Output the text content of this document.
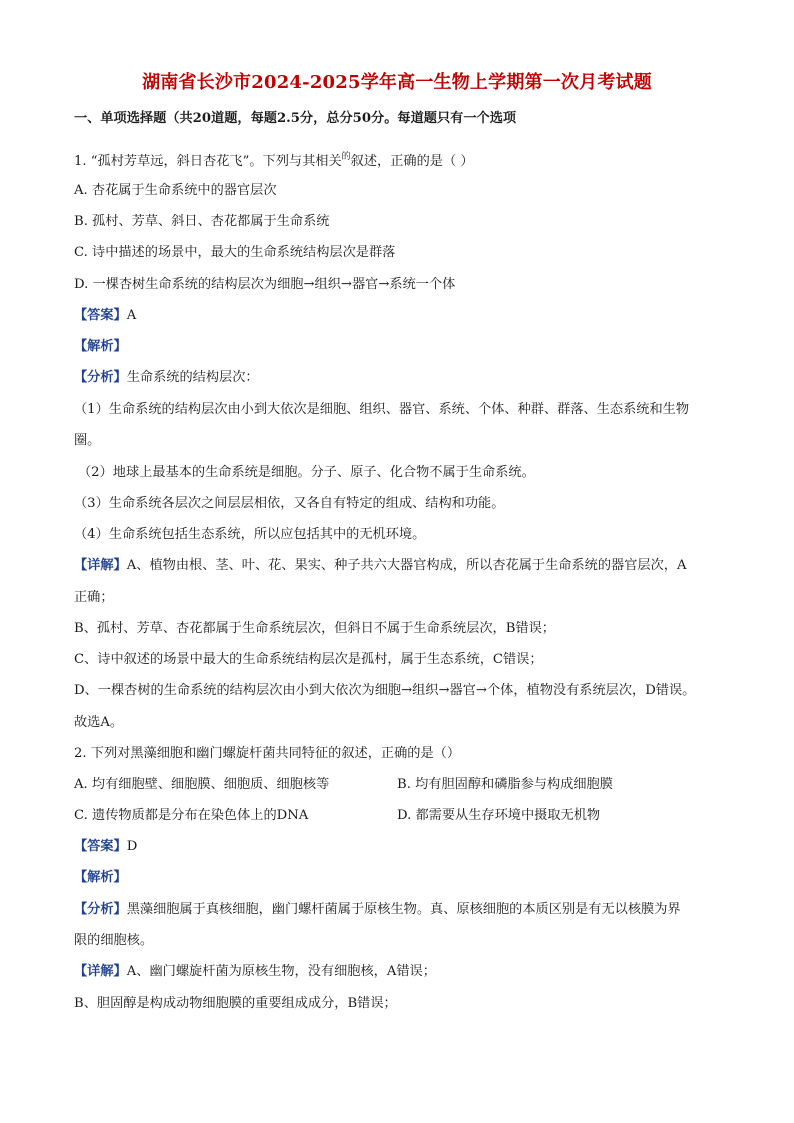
湖南省长沙市2024-2025学年高一生物上学期第一次月考试题
一、单项选择题（共20道题，每题2.5分，总分50分。每道题只有一个选项
1. “孤村芳草远，斜日杏花飞”。下列与其相关$^的$叙述，正确的是（ ）
A. 杏花属于生命系统中的器官层次
B. 孤村、芳草、斜日、杏花都属于生命系统
C. 诗中描述的场景中，最大的生命系统结构层次是群落
D. 一棵杏树生命系统的结构层次为细胞→组织→器官→系统一个体
【答案】A
【解析】
【分析】生命系统的结构层次：
（1）生命系统的结构层次由小到大依次是细胞、组织、器官、系统、个体、种群、群落、生态系统和生物
圈。
（2）地球上最基本的生命系统是细胞。分子、原子、化合物不属于生命系统。
（3）生命系统各层次之间层层相依，又各自有特定的组成、结构和功能。
（4）生命系统包括生态系统，所以应包括其中的无机环境。
【详解】A、植物由根、茎、叶、花、果实、种子共六大器官构成，所以杏花属于生命系统的器官层次，A
正确；
B、孤村、芳草、杏花都属于生命系统层次，但斜日不属于生命系统层次，B错误；
C、诗中叙述的场景中最大的生命系统结构层次是孤村，属于生态系统，C错误；
D、一棵杏树的生命系统的结构层次由小到大依次为细胞→组织→器官→个体，植物没有系统层次，D错误。
故选A。
2. 下列对黑藻细胞和幽门螺旋杆菌共同特征的叙述，正确的是（）
A. 均有细胞壁、细胞膜、细胞质、细胞核等	B. 均有胆固醇和磷脂参与构成细胞膜
C. 遗传物质都是分布在染色体上的DNA	D. 都需要从生存环境中摄取无机物
【答案】D
【解析】
【分析】黑藻细胞属于真核细胞，幽门螺杆菌属于原核生物。真、原核细胞的本质区别是有无以核膜为界
限的细胞核。
【详解】A、幽门螺旋杆菌为原核生物，没有细胞核，A错误；
B、胆固醇是构成动物细胞膜的重要组成成分，B错误；
